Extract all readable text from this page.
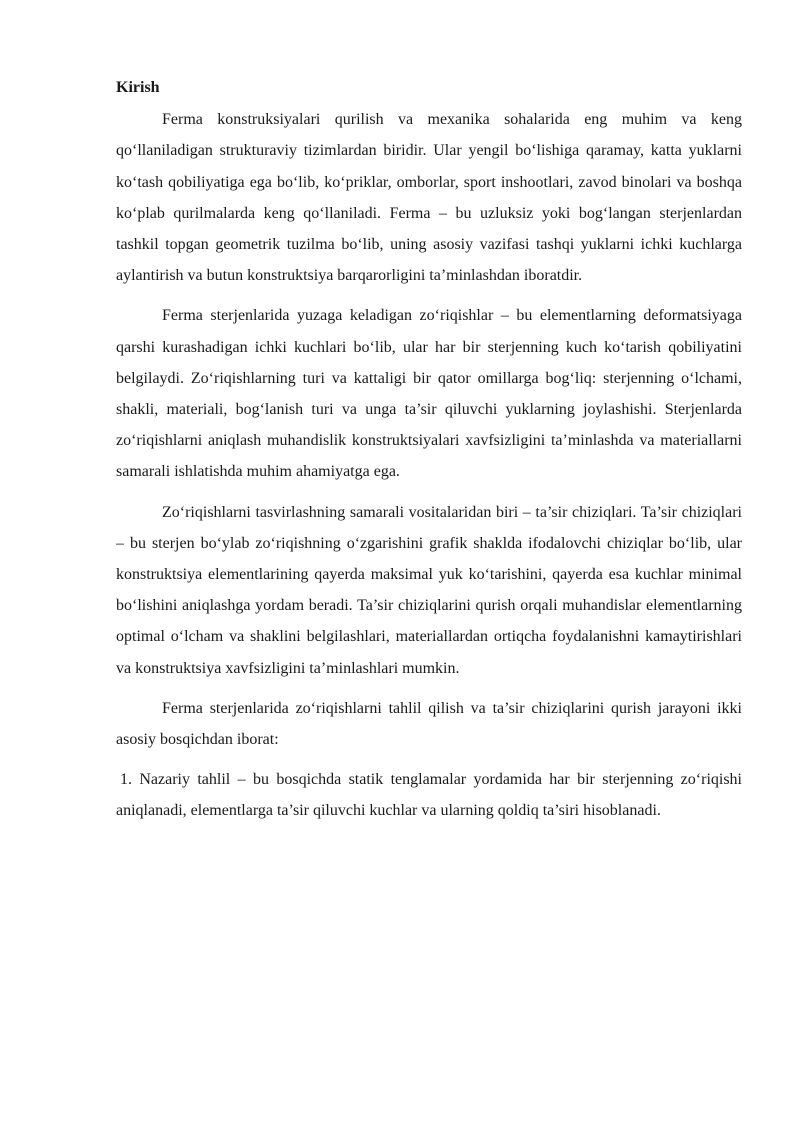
Kirish

Ferma konstruksiyalari qurilish va mexanika sohalarida eng muhim va keng qo‘llaniladigan strukturaviy tizimlardan biridir. Ular yengil bo‘lishiga qaramay, katta yuklarni ko‘tash qobiliyatiga ega bo‘lib, ko‘priklar, omborlar, sport inshootlari, zavod binolari va boshqa ko‘plab qurilmalarda keng qo‘llaniladi. Ferma – bu uzluksiz yoki bog‘langan sterjenlardan tashkil topgan geometrik tuzilma bo‘lib, uning asosiy vazifasi tashqi yuklarni ichki kuchlarga aylantirish va butun konstruktsiya barqarorligini ta’minlashdan iboratdir.

Ferma sterjenlarida yuzaga keladigan zo‘riqishlar – bu elementlarning deformatsiyaga qarshi kurashadigan ichki kuchlari bo‘lib, ular har bir sterjenning kuch ko‘tarish qobiliyatini belgilaydi. Zo‘riqishlarning turi va kattaligi bir qator omillarga bog‘liq: sterjenning o‘lchami, shakli, materiali, bog‘lanish turi va unga ta’sir qiluvchi yuklarning joylashishi. Sterjenlarda zo‘riqishlarni aniqlash muhandislik konstruktsiyalari xavfsizligini ta’minlashda va materiallarni samarali ishlatishda muhim ahamiyatga ega.

Zo‘riqishlarni tasvirlashning samarali vositalaridan biri – ta’sir chiziqlari. Ta’sir chiziqlari – bu sterjen bo‘ylab zo‘riqishning o‘zgarishini grafik shaklda ifodalovchi chiziqlar bo‘lib, ular konstruktsiya elementlarining qayerda maksimal yuk ko‘tarishini, qayerda esa kuchlar minimal bo‘lishini aniqlashga yordam beradi. Ta’sir chiziqlarini qurish orqali muhandislar elementlarning optimal o‘lcham va shaklini belgilashlari, materiallardan ortiqcha foydalanishni kamaytirishlari va konstruktsiya xavfsizligini ta’minlashlari mumkin.

Ferma sterjenlarida zo‘riqishlarni tahlil qilish va ta’sir chiziqlarini qurish jarayoni ikki asosiy bosqichdan iborat:

1. Nazariy tahlil – bu bosqichda statik tenglamalar yordamida har bir sterjenning zo‘riqishi aniqlanadi, elementlarga ta’sir qiluvchi kuchlar va ularning qoldiq ta’siri hisoblanadi.
